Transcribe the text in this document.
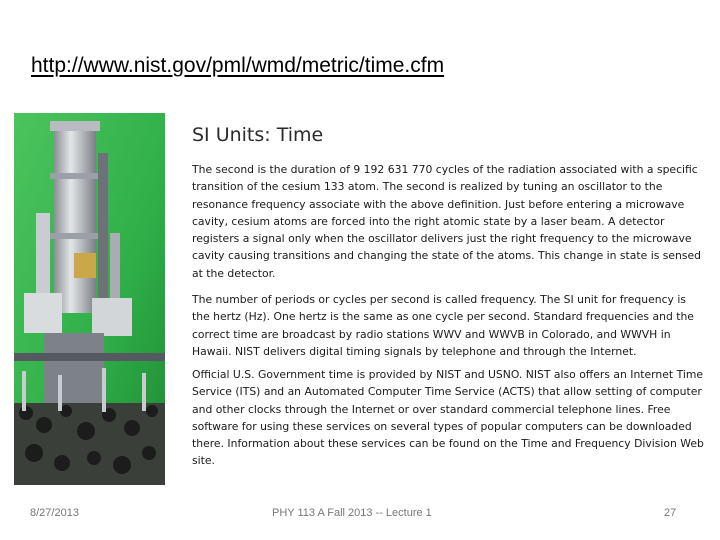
http://www.nist.gov/pml/wmd/metric/time.cfm
SI Units: Time

The second is the duration of 9 192 631 770 cycles of the radiation associated with a specific
transition of the cesium 133 atom. The second is realized by tuning an oscillator to the
resonance frequency associate with the above definition. Just before entering a microwave
cavity, cesium atoms are forced into the right atomic state by a laser beam. A detector
registers a signal only when the oscillator delivers just the right frequency to the microwave
cavity causing transitions and changing the state of the atoms. This change in state is sensed
at the detector.

The number of periods or cycles per second is called frequency. The SI unit for frequency is
the hertz (Hz). One hertz is the same as one cycle per second. Standard frequencies and the
correct time are broadcast by radio stations WWV and WWVB in Colorado, and WWVH in
Hawaii. NIST delivers digital timing signals by telephone and through the Internet.

Official U.S. Government time is provided by NIST and USNO. NIST also offers an Internet Time
Service (ITS) and an Automated Computer Time Service (ACTS) that allow setting of computer
and other clocks through the Internet or over standard commercial telephone lines. Free
software for using these services on several types of popular computers can be downloaded
there. Information about these services can be found on the Time and Frequency Division Web
site.

8/27/2013	PHY 113 A Fall 2013 -- Lecture 1	27
